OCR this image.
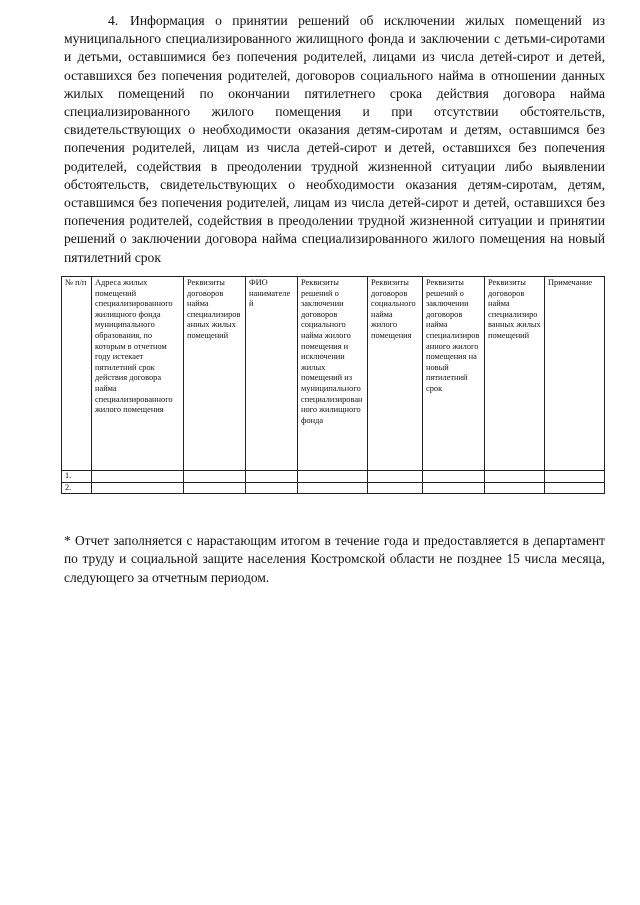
4. Информация о принятии решений об исключении жилых помещений из муниципального специализированного жилищного фонда и заключении с детьми-сиротами и детьми, оставшимися без попечения родителей, лицами из числа детей-сирот и детей, оставшихся без попечения родителей, договоров социального найма в отношении данных жилых помещений по окончании пятилетнего срока действия договора найма специализированного жилого помещения и при отсутствии обстоятельств, свидетельствующих о необходимости оказания детям-сиротам и детям, оставшимся без попечения родителей, лицам из числа детей-сирот и детей, оставшихся без попечения родителей, содействия в преодолении трудной жизненной ситуации либо выявлении обстоятельств, свидетельствующих о необходимости оказания детям-сиротам, детям, оставшимся без попечения родителей, лицам из числа детей-сирот и детей, оставшихся без попечения родителей, содействия в преодолении трудной жизненной ситуации и принятии решений о заключении договора найма специализированного жилого помещения на новый пятилетний срок

№ п/п	Адреса жилых помещений специализированного жилищного фонда муниципального образования, по которым в отчетном году истекает пятилетний срок действия договора найма специализированного жилого помещения	Реквизиты договоров найма специализированных жилых помещений	ФИО нанимателей	Реквизиты решений о заключении договоров социального найма жилого помещения и исключении жилых помещений из муниципального специализированного жилищного фонда	Реквизиты договоров социального найма жилого помещения	Реквизиты решений о заключении договоров найма специализированного жилого помещения на новый пятилетний срок	Реквизиты договоров найма специализированных жилых помещений	Примечание
1.								
2.								

* Отчет заполняется с нарастающим итогом в течение года и предоставляется в департамент по труду и социальной защите населения Костромской области не позднее 15 числа месяца, следующего за отчетным периодом.
